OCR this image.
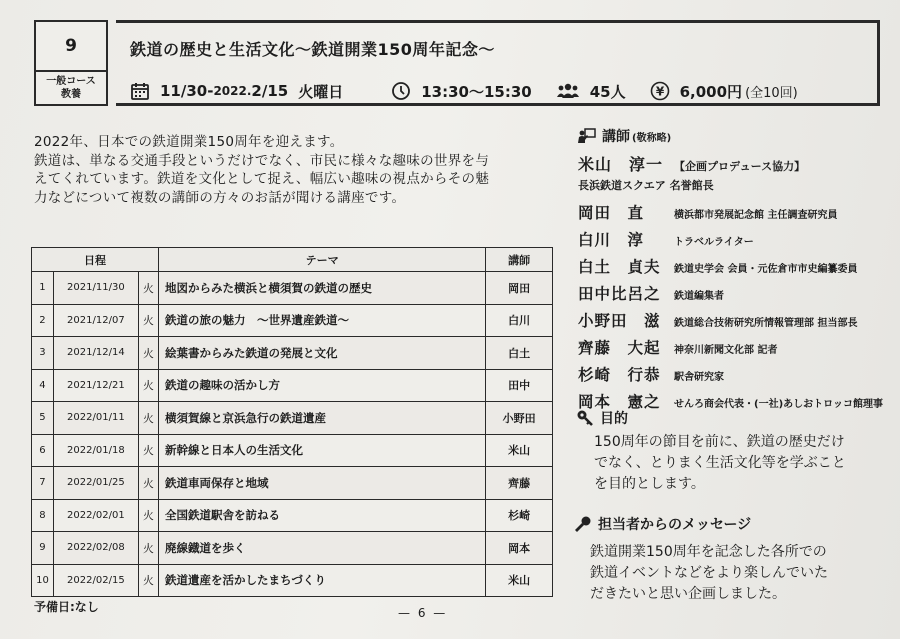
9
一般コース
教養
鉄道の歴史と生活文化～鉄道開業150周年記念～
11/30- 2022. 2/15 火曜日	13:30～15:30	45人 ¥ 6,000円 (全10回)
2022年、日本での鉄道開業150周年を迎えます。
鉄道は、単なる交通手段というだけでなく、市民に様々な趣味の世界を与
えてくれています。鉄道を文化として捉え、幅広い趣味の視点からその魅
力などについて複数の講師の方々のお話が聞ける講座です。
日程			テーマ	講師
1	2021/11/30	火	地図からみた横浜と横須賀の鉄道の歴史	岡田
2	2021/12/07	火	鉄道の旅の魅力　～世界遺産鉄道～	白川
3	2021/12/14	火	絵葉書からみた鉄道の発展と文化	白土
4	2021/12/21	火	鉄道の趣味の活かし方	田中
5	2022/01/11	火	横須賀線と京浜急行の鉄道遺産	小野田
6	2022/01/18	火	新幹線と日本人の生活文化	米山
7	2022/01/25	火	鉄道車両保存と地域	齊藤
8	2022/02/01	火	全国鉄道駅舎を訪ねる	杉崎
9	2022/02/08	火	廃線鐡道を歩く	岡本
10	2022/02/15	火	鉄道遺産を活かしたまちづくり	米山
予備日:なし	— 6 —
講師 (敬称略)
米山　淳一 【企画プロデュース協力】
長浜鉄道スクエア 名誉館長
岡田　直	横浜都市発展記念館 主任調査研究員
白川　淳	トラベルライター
白土　貞夫	鉄道史学会 会員・元佐倉市市史編纂委員
田中比呂之	鉄道編集者
小野田　滋	鉄道総合技術研究所情報管理部 担当部長
齊藤　大起	神奈川新聞文化部 記者
杉崎　行恭	駅舎研究家
岡本　憲之	せんろ商会代表・(一社)あしおトロッコ館理事
目的
150周年の節目を前に、鉄道の歴史だけ
でなく、とりまく生活文化等を学ぶこと
を目的とします。
担当者からのメッセージ
鉄道開業150周年を記念した各所での
鉄道イベントなどをより楽しんでいた
だきたいと思い企画しました。
